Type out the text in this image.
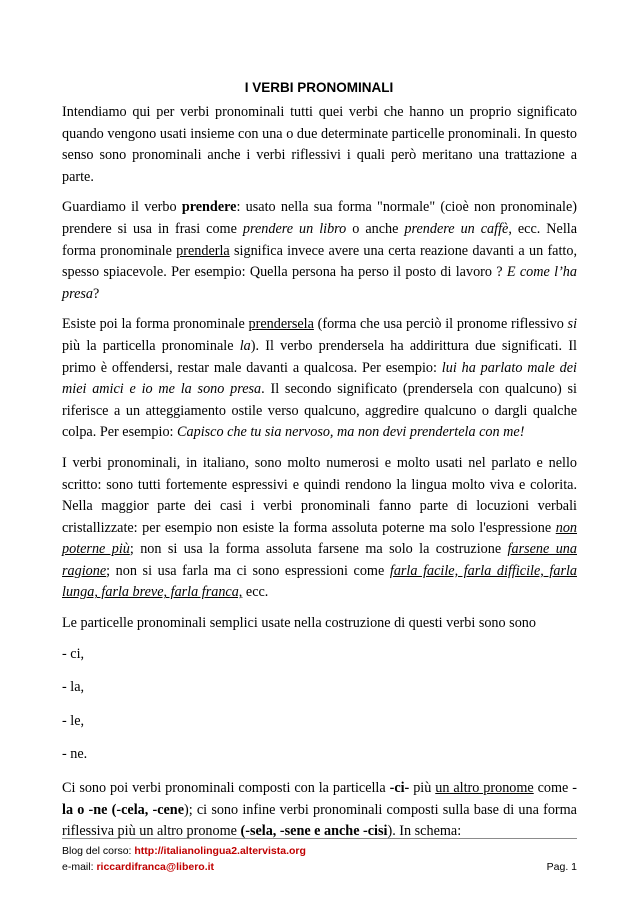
I VERBI PRONOMINALI

Intendiamo qui per verbi pronominali tutti quei verbi che hanno un proprio significato quando vengono usati insieme con una o due determinate particelle pronominali. In questo senso sono pronominali anche i verbi riflessivi i quali però meritano una trattazione a parte.

Guardiamo il verbo prendere: usato nella sua forma "normale" (cioè non pronominale) prendere si usa in frasi come prendere un libro o anche prendere un caffè, ecc. Nella forma pronominale prenderla significa invece avere una certa reazione davanti a un fatto, spesso spiacevole. Per esempio: Quella persona ha perso il posto di lavoro ? E come l’ha presa?

Esiste poi la forma pronominale prendersela (forma che usa perciò il pronome riflessivo si più la particella pronominale la). Il verbo prendersela ha addirittura due significati. Il primo è offendersi, restar male davanti a qualcosa. Per esempio: lui ha parlato male dei miei amici e io me la sono presa. Il secondo significato (prendersela con qualcuno) si riferisce a un atteggiamento ostile verso qualcuno, aggredire qualcuno o dargli qualche colpa. Per esempio: Capisco che tu sia nervoso, ma non devi prendertela con me!

I verbi pronominali, in italiano, sono molto numerosi e molto usati nel parlato e nello scritto: sono tutti fortemente espressivi e quindi rendono la lingua molto viva e colorita. Nella maggior parte dei casi i verbi pronominali fanno parte di locuzioni verbali cristallizzate: per esempio non esiste la forma assoluta poterne ma solo l'espressione non poterne più; non si usa la forma assoluta farsene ma solo la costruzione farsene una ragione; non si usa farla ma ci sono espressioni come farla facile, farla difficile, farla lunga, farla breve, farla franca, ecc.

Le particelle pronominali semplici usate nella costruzione di questi verbi sono sono

- ci,

- la,

- le,

- ne.

Ci sono poi verbi pronominali composti con la particella -ci- più un altro pronome come -la o -ne (-cela, -cene); ci sono infine verbi pronominali composti sulla base di una forma riflessiva più un altro pronome (-sela, -sene e anche -cisi). In schema:

Blog del corso: http://italianolingua2.altervista.org
e-mail: riccardifranca@libero.it	Pag. 1
